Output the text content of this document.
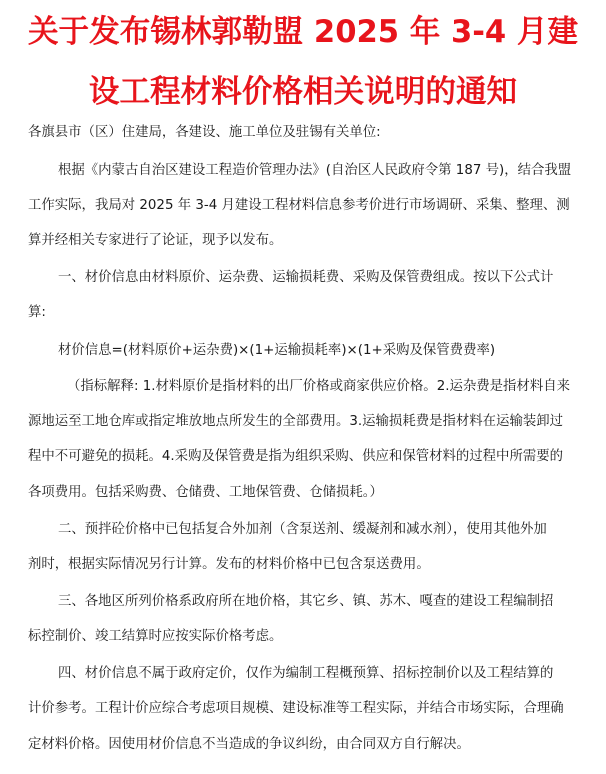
关于发布锡林郭勒盟 2025 年 3-4 月建
设工程材料价格相关说明的通知
各旗县市（区）住建局，各建设、施工单位及驻锡有关单位:
根据《内蒙古自治区建设工程造价管理办法》(自治区人民政府令第 187 号)，结合我盟
工作实际，我局对 2025 年 3-4 月建设工程材料信息参考价进行市场调研、采集、整理、测
算并经相关专家进行了论证，现予以发布。
一、材价信息由材料原价、运杂费、运输损耗费、采购及保管费组成。按以下公式计
算:
材价信息=(材料原价+运杂费)×(1+运输损耗率)×(1+采购及保管费费率)
（指标解释: 1.材料原价是指材料的出厂价格或商家供应价格。2.运杂费是指材料自来
源地运至工地仓库或指定堆放地点所发生的全部费用。3.运输损耗费是指材料在运输装卸过
程中不可避免的损耗。4.采购及保管费是指为组织采购、供应和保管材料的过程中所需要的
各项费用。包括采购费、仓储费、工地保管费、仓储损耗。）
二、预拌砼价格中已包括复合外加剂（含泵送剂、缓凝剂和减水剂），使用其他外加
剂时，根据实际情况另行计算。发布的材料价格中已包含泵送费用。
三、各地区所列价格系政府所在地价格，其它乡、镇、苏木、嘎查的建设工程编制招
标控制价、竣工结算时应按实际价格考虑。
四、材价信息不属于政府定价，仅作为编制工程概预算、招标控制价以及工程结算的
计价参考。工程计价应综合考虑项目规模、建设标准等工程实际，并结合市场实际，合理确
定材料价格。因使用材价信息不当造成的争议纠纷，由合同双方自行解决。
